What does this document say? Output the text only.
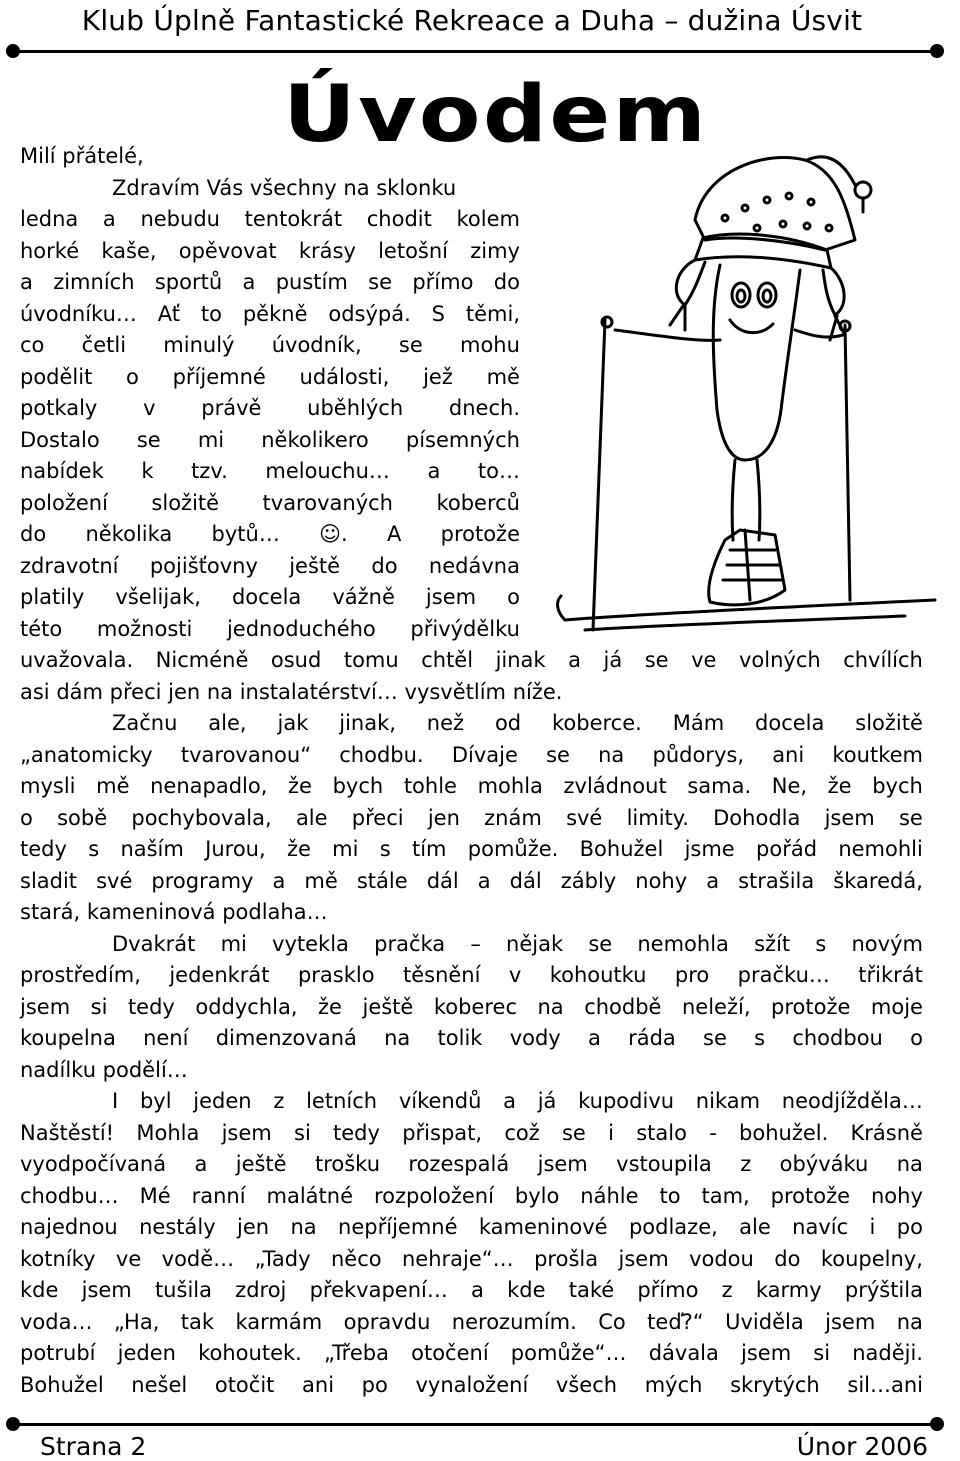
Klub Úplně Fantastické Rekreace a Duha – dužina Úsvit
Úvodem
Milí přátelé,
Zdravím Vás všechny na sklonku
ledna a nebudu tentokrát chodit kolem
horké kaše, opěvovat krásy letošní zimy
a zimních sportů a pustím se přímo do
úvodníku… Ať to pěkně odsýpá. S těmi,
co četli minulý úvodník, se mohu
podělit o příjemné události, jež mě
potkaly v právě uběhlých dnech.
Dostalo se mi několikero písemných
nabídek k tzv. melouchu… a to…
položení složitě tvarovaných koberců
do několika bytů… ☺. A protože
zdravotní pojišťovny ještě do nedávna
platily všelijak, docela vážně jsem o
této možnosti jednoduchého přivýdělku
uvažovala. Nicméně osud tomu chtěl jinak a já se ve volných chvílích
asi dám přeci jen na instalatérství… vysvětlím níže.
Začnu ale, jak jinak, než od koberce. Mám docela složitě
„anatomicky tvarovanou“ chodbu. Dívaje se na půdorys, ani koutkem
mysli mě nenapadlo, že bych tohle mohla zvládnout sama. Ne, že bych
o sobě pochybovala, ale přeci jen znám své limity. Dohodla jsem se
tedy s naším Jurou, že mi s tím pomůže. Bohužel jsme pořád nemohli
sladit své programy a mě stále dál a dál zábly nohy a strašila škaredá,
stará, kameninová podlaha…
Dvakrát mi vytekla pračka – nějak se nemohla sžít s novým
prostředím, jedenkrát prasklo těsnění v kohoutku pro pračku… třikrát
jsem si tedy oddychla, že ještě koberec na chodbě neleží, protože moje
koupelna není dimenzovaná na tolik vody a ráda se s chodbou o
nadílku podělí…
I byl jeden z letních víkendů a já kupodivu nikam neodjížděla…
Naštěstí! Mohla jsem si tedy přispat, což se i stalo - bohužel. Krásně
vyodpočívaná a ještě trošku rozespalá jsem vstoupila z obýváku na
chodbu… Mé ranní malátné rozpoložení bylo náhle to tam, protože nohy
najednou nestály jen na nepříjemné kameninové podlaze, ale navíc i po
kotníky ve vodě… „Tady něco nehraje“… prošla jsem vodou do koupelny,
kde jsem tušila zdroj překvapení… a kde také přímo z karmy prýštila
voda… „Ha, tak karmám opravdu nerozumím. Co teď?“ Uviděla jsem na
potrubí jeden kohoutek. „Třeba otočení pomůže“… dávala jsem si naději.
Bohužel nešel otočit ani po vynaložení všech mých skrytých sil…ani
Strana 2	Únor 2006
